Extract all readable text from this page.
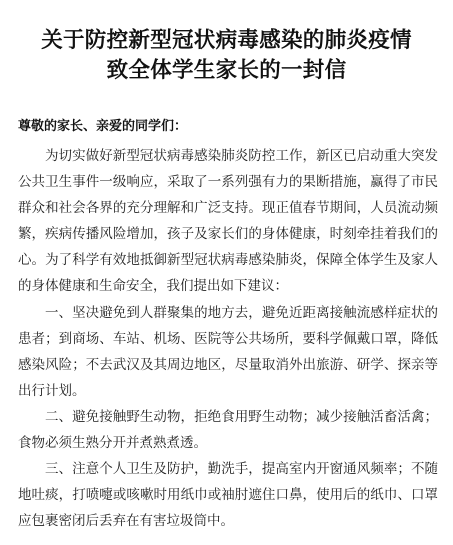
关于防控新型冠状病毒感染的肺炎疫情
致全体学生家长的一封信
尊敬的家长、亲爱的同学们：

为切实做好新型冠状病毒感染肺炎防控工作，新区已启动重大突发公共卫生事件一级响应，采取了一系列强有力的果断措施，赢得了市民群众和社会各界的充分理解和广泛支持。现正值春节期间，人员流动频繁，疾病传播风险增加，孩子及家长们的身体健康，时刻牵挂着我们的心。为了科学有效地抵御新型冠状病毒感染肺炎，保障全体学生及家人的身体健康和生命安全，我们提出如下建议：

一、坚决避免到人群聚集的地方去，避免近距离接触流感样症状的患者；到商场、车站、机场、医院等公共场所，要科学佩戴口罩，降低感染风险；不去武汉及其周边地区，尽量取消外出旅游、研学、探亲等出行计划。

二、避免接触野生动物，拒绝食用野生动物；减少接触活畜活禽；食物必须生熟分开并煮熟煮透。

三、注意个人卫生及防护，勤洗手，提高室内开窗通风频率；不随地吐痰，打喷嚏或咳嗽时用纸巾或袖肘遮住口鼻，使用后的纸巾、口罩应包裹密闭后丢弃在有害垃圾筒中。
